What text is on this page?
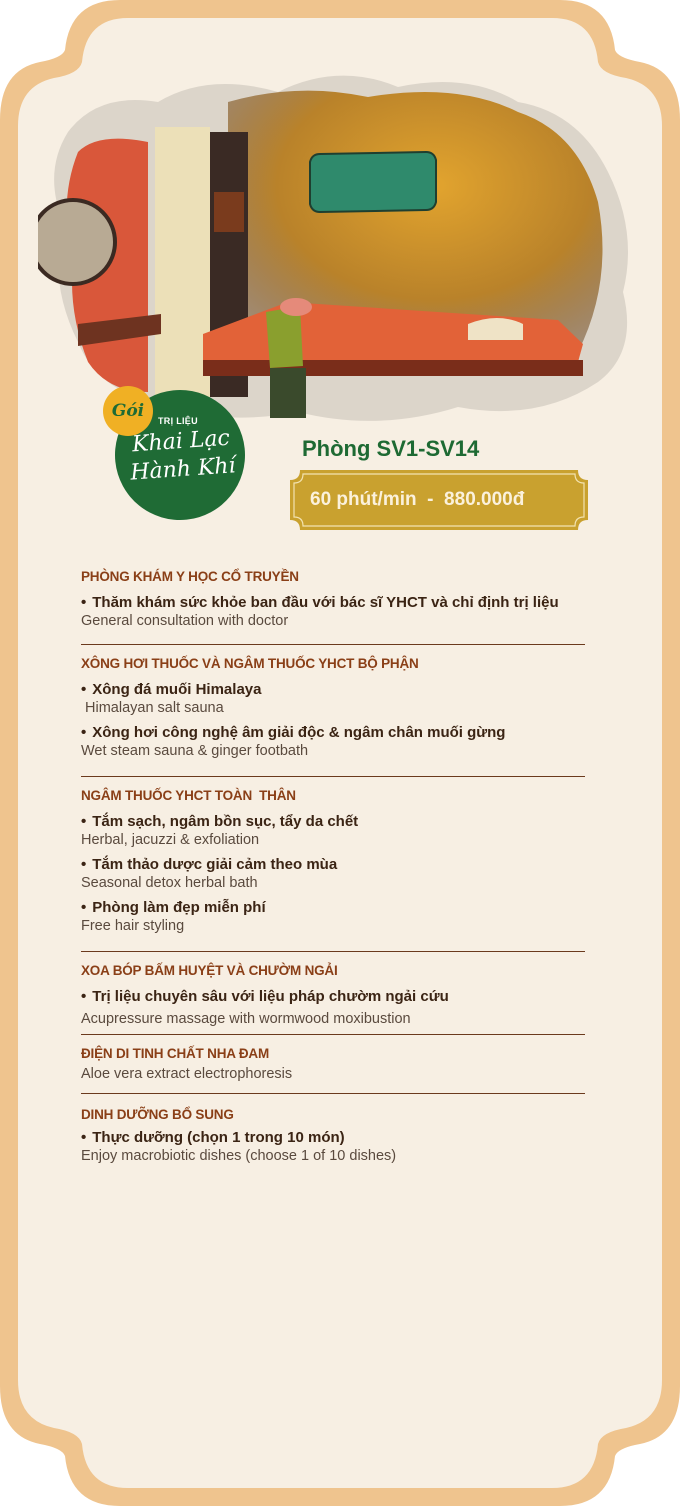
Gói TRỊ LIỆU
Khai Lạc
Hành Khí
Phòng SV1-SV14
60 phút/min  -  880.000đ
PHÒNG KHÁM Y HỌC CỔ TRUYỀN
• Thăm khám sức khỏe ban đầu với bác sĩ YHCT và chỉ định trị liệu
General consultation with doctor
XÔNG HƠI THUỐC VÀ NGÂM THUỐC YHCT BỘ PHẬN
• Xông đá muối Himalaya
Himalayan salt sauna
• Xông hơi công nghệ âm giải độc & ngâm chân muối gừng
Wet steam sauna & ginger footbath
NGÂM THUỐC YHCT TOÀN  THÂN
• Tắm sạch, ngâm bồn sục, tẩy da chết
Herbal, jacuzzi & exfoliation
• Tắm thảo dược giải cảm theo mùa
Seasonal detox herbal bath
• Phòng làm đẹp miễn phí
Free hair styling
XOA BÓP BẤM HUYỆT VÀ CHƯỜM NGẢI
• Trị liệu chuyên sâu với liệu pháp chườm ngải cứu
Acupressure massage with wormwood moxibustion
ĐIỆN DI TINH CHẤT NHA ĐAM
Aloe vera extract electrophoresis
DINH DƯỠNG BỔ SUNG
• Thực dưỡng (chọn 1 trong 10 món)
Enjoy macrobiotic dishes (choose 1 of 10 dishes)
